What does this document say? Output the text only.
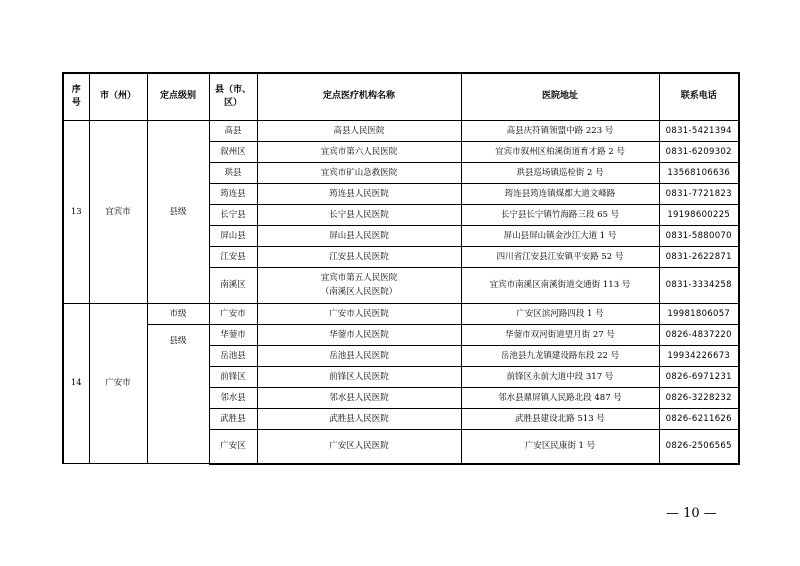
序号	市（州）	定点级别	县（市、区）	定点医疗机构名称	医院地址	联系电话
13	宜宾市	县级	高县	高县人民医院	高县庆符镇领盟中路 223 号	0831-5421394
			叙州区	宜宾市第六人民医院	宜宾市叙州区柏溪街道育才路 2 号	0831-6209302
			珙县	宜宾市矿山急救医院	珙县巡场镇巡检街 2 号	13568106636
			筠连县	筠连县人民医院	筠连县筠连镇煤都大道文峰路	0831-7721823
			长宁县	长宁县人民医院	长宁县长宁镇竹海路三段 65 号	19198600225
			屏山县	屏山县人民医院	屏山县屏山镇金沙江大道 1 号	0831-5880070
			江安县	江安县人民医院	四川省江安县江安镇平安路 52 号	0831-2622871
			南溪区	宜宾市第五人民医院
（南溪区人民医院）	宜宾市南溪区南溪街道交通街 113 号	0831-3334258
14	广安市	市级	广安市	广安市人民医院	广安区滨河路四段 1 号	19981806057
		县级	华蓥市	华蓥市人民医院	华蓥市双河街道望月街 27 号	0826-4837220
			岳池县	岳池县人民医院	岳池县九龙镇建设路东段 22 号	19934226673
			前锋区	前锋区人民医院	前锋区永前大道中段 317 号	0826-6971231
			邻水县	邻水县人民医院	邻水县鼎屏镇人民路北段 487 号	0826-3228232
			武胜县	武胜县人民医院	武胜县建设北路 513 号	0826-6211626
			广安区	广安区人民医院	广安区民康街 1 号	0826-2506565
— 10 —
